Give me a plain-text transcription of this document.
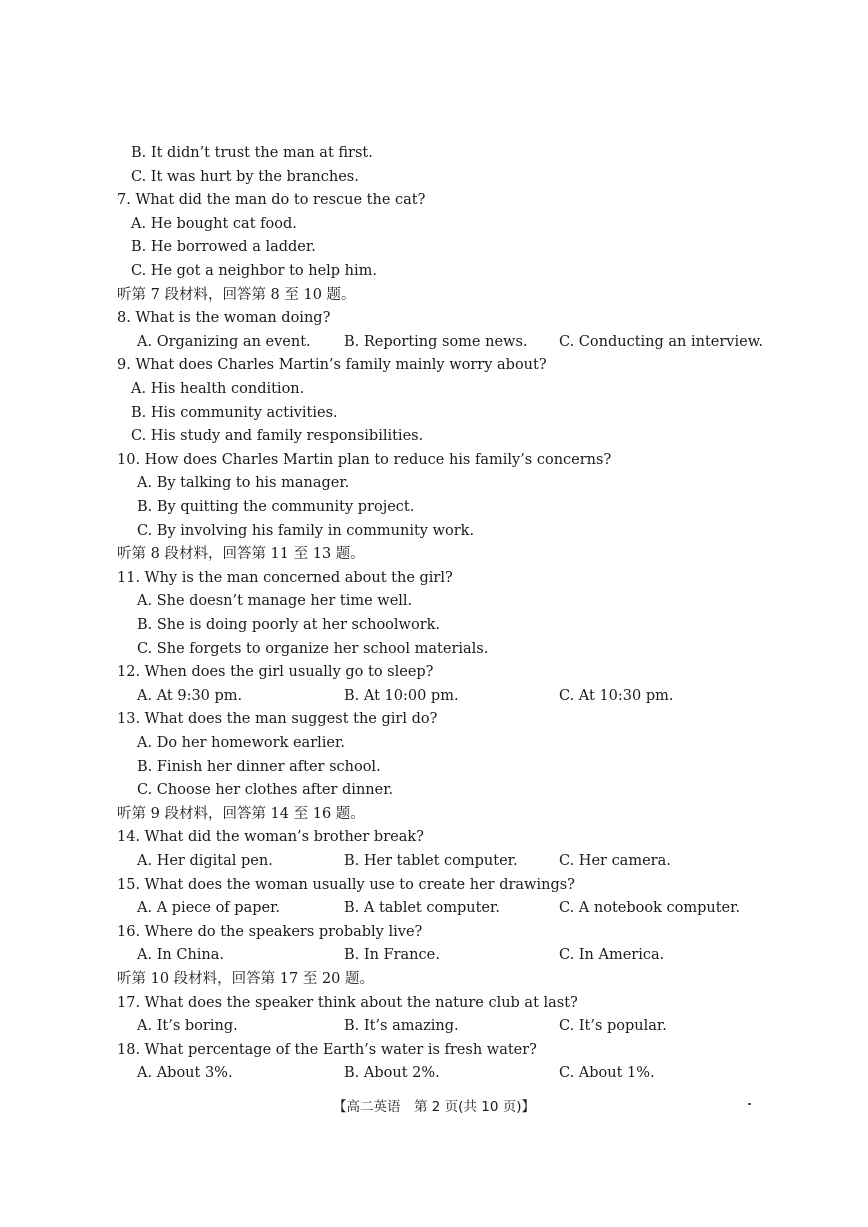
B. It didn’t trust the man at first.
C. It was hurt by the branches.
7. What did the man do to rescue the cat?
A. He bought cat food.
B. He borrowed a ladder.
C. He got a neighbor to help him.
听第 7 段材料，回答第 8 至 10 题。
8. What is the woman doing?
A. Organizing an event.	B. Reporting some news.	C. Conducting an interview.
9. What does Charles Martin’s family mainly worry about?
A. His health condition.
B. His community activities.
C. His study and family responsibilities.
10. How does Charles Martin plan to reduce his family’s concerns?
A. By talking to his manager.
B. By quitting the community project.
C. By involving his family in community work.
听第 8 段材料，回答第 11 至 13 题。
11. Why is the man concerned about the girl?
A. She doesn’t manage her time well.
B. She is doing poorly at her schoolwork.
C. She forgets to organize her school materials.
12. When does the girl usually go to sleep?
A. At 9:30 pm.	B. At 10:00 pm.	C. At 10:30 pm.
13. What does the man suggest the girl do?
A. Do her homework earlier.
B. Finish her dinner after school.
C. Choose her clothes after dinner.
听第 9 段材料，回答第 14 至 16 题。
14. What did the woman’s brother break?
A. Her digital pen.	B. Her tablet computer.	C. Her camera.
15. What does the woman usually use to create her drawings?
A. A piece of paper.	B. A tablet computer.	C. A notebook computer.
16. Where do the speakers probably live?
A. In China.	B. In France.	C. In America.
听第 10 段材料，回答第 17 至 20 题。
17. What does the speaker think about the nature club at last?
A. It’s boring.	B. It’s amazing.	C. It’s popular.
18. What percentage of the Earth’s water is fresh water?
A. About 3%.	B. About 2%.	C. About 1%.
【高二英语　第 2 页(共 10 页)】
